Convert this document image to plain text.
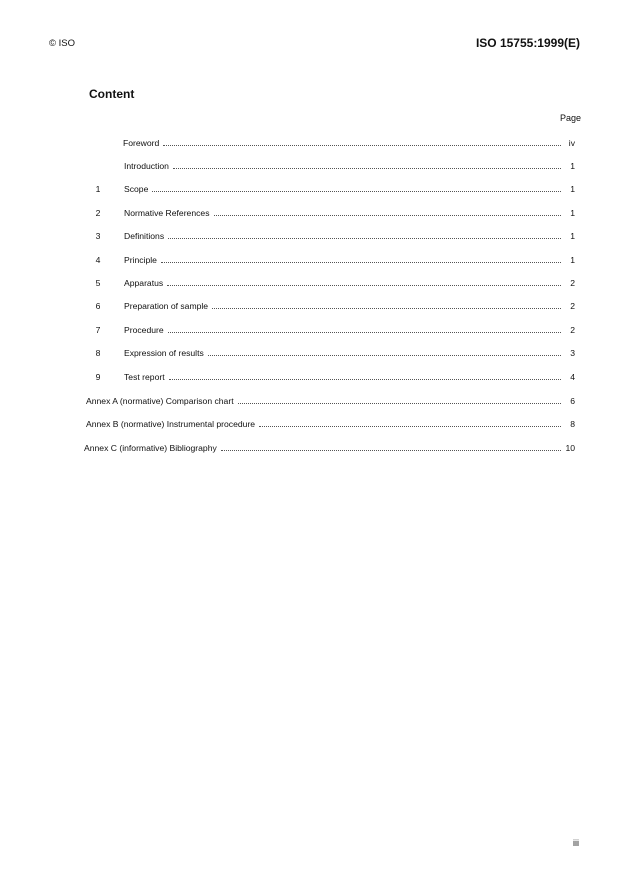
© ISO	ISO 15755:1999(E)
Content
Page
Foreword	iv
Introduction	1
1	Scope	1
2	Normative References	1
3	Definitions	1
4	Principle	1
5	Apparatus	2
6	Preparation of sample	2
7	Procedure	2
8	Expression of results	3
9	Test report	4
Annex A (normative) Comparison chart	6
Annex B (normative) Instrumental procedure	8
Annex C (informative) Bibliography	10
iii
